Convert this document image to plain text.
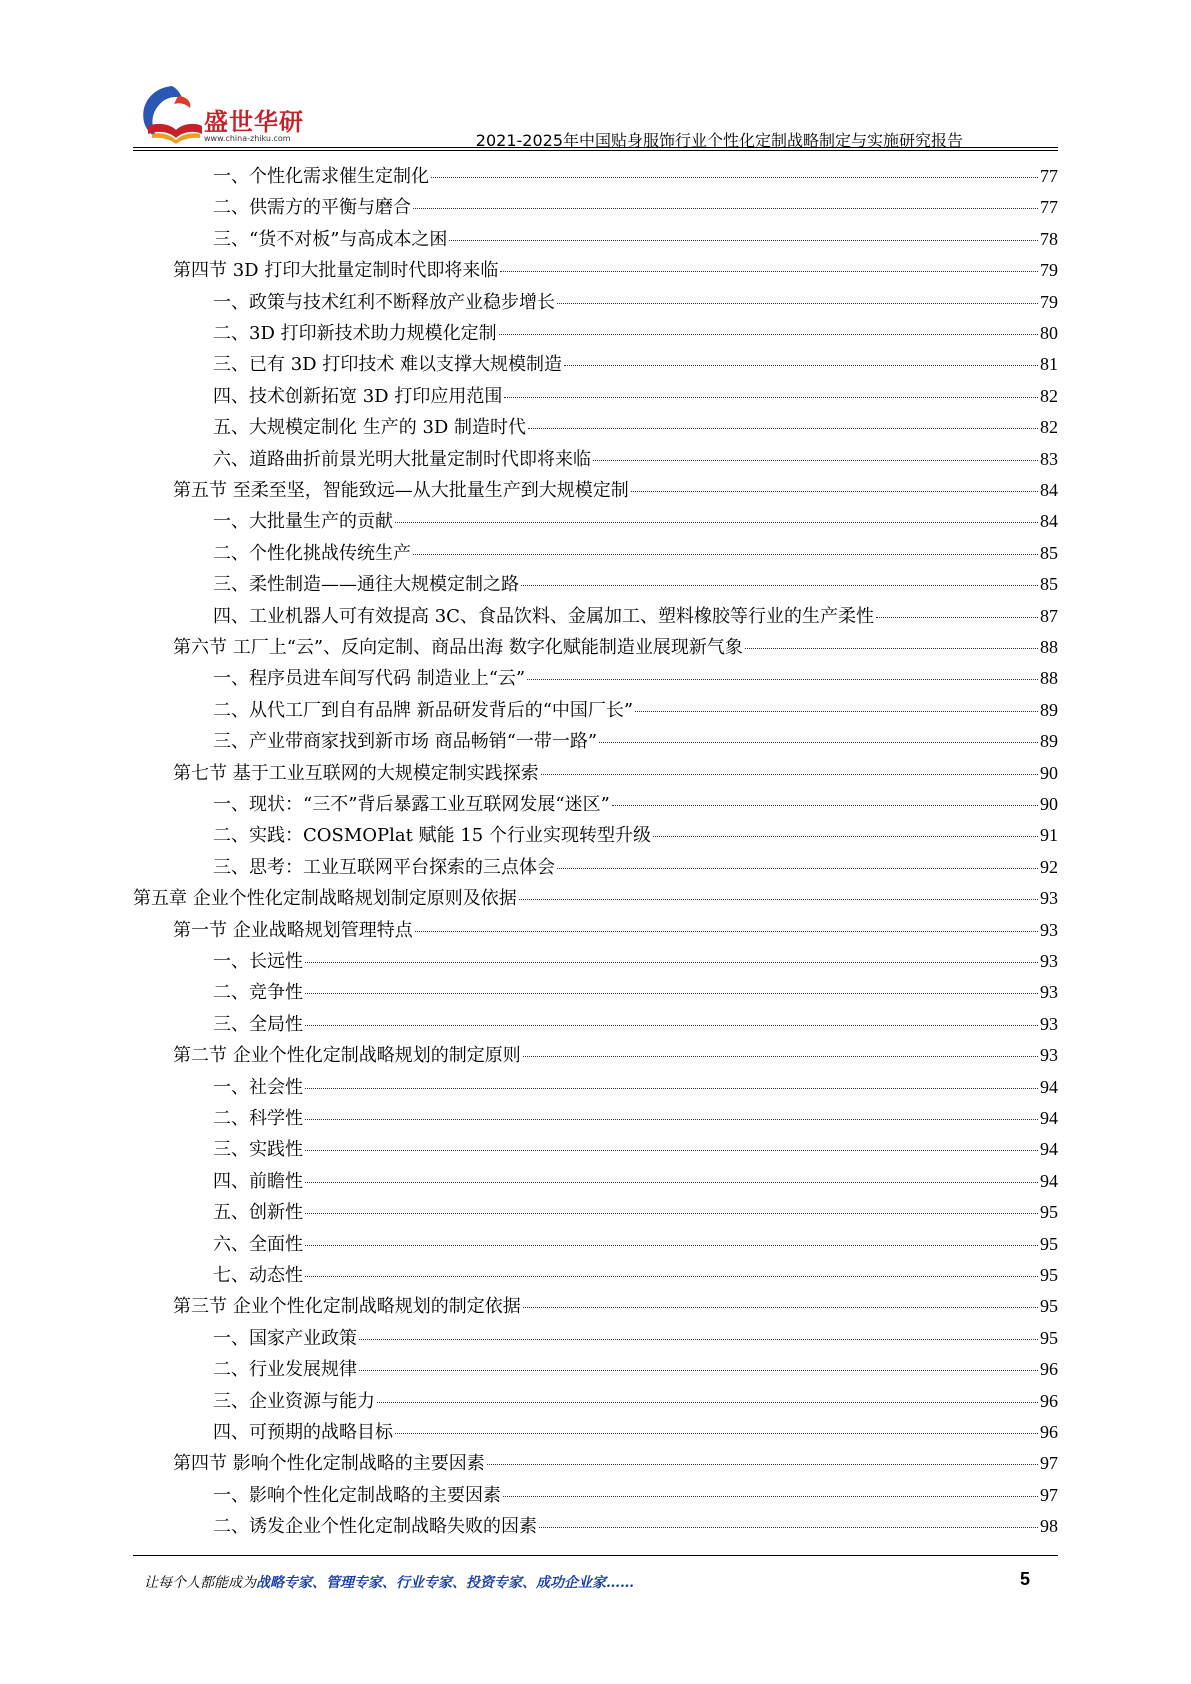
盛世华研
www.china-zhiku.com	2021-2025年中国贴身服饰行业个性化定制战略制定与实施研究报告
一、个性化需求催生定制化	77
二、供需方的平衡与磨合	77
三、“货不对板”与高成本之困	78
第四节 3D 打印大批量定制时代即将来临	79
一、政策与技术红利不断释放产业稳步增长	79
二、3D 打印新技术助力规模化定制	80
三、已有 3D 打印技术 难以支撑大规模制造	81
四、技术创新拓宽 3D 打印应用范围	82
五、大规模定制化 生产的 3D 制造时代	82
六、道路曲折前景光明大批量定制时代即将来临	83
第五节 至柔至坚，智能致远—从大批量生产到大规模定制	84
一、大批量生产的贡献	84
二、个性化挑战传统生产	85
三、柔性制造——通往大规模定制之路	85
四、工业机器人可有效提高 3C、食品饮料、金属加工、塑料橡胶等行业的生产柔性	87
第六节 工厂上“云”、反向定制、商品出海 数字化赋能制造业展现新气象	88
一、程序员进车间写代码 制造业上“云”	88
二、从代工厂到自有品牌 新品研发背后的“中国厂长”	89
三、产业带商家找到新市场 商品畅销“一带一路”	89
第七节 基于工业互联网的大规模定制实践探索	90
一、现状：“三不”背后暴露工业互联网发展“迷区”	90
二、实践：COSMOPlat 赋能 15 个行业实现转型升级	91
三、思考：工业互联网平台探索的三点体会	92
第五章 企业个性化定制战略规划制定原则及依据	93
第一节 企业战略规划管理特点	93
一、长远性	93
二、竞争性	93
三、全局性	93
第二节 企业个性化定制战略规划的制定原则	93
一、社会性	94
二、科学性	94
三、实践性	94
四、前瞻性	94
五、创新性	95
六、全面性	95
七、动态性	95
第三节 企业个性化定制战略规划的制定依据	95
一、国家产业政策	95
二、行业发展规律	96
三、企业资源与能力	96
四、可预期的战略目标	96
第四节 影响个性化定制战略的主要因素	97
一、影响个性化定制战略的主要因素	97
二、诱发企业个性化定制战略失败的因素	98
让每个人都能成为战略专家、管理专家、行业专家、投资专家、成功企业家……	5
